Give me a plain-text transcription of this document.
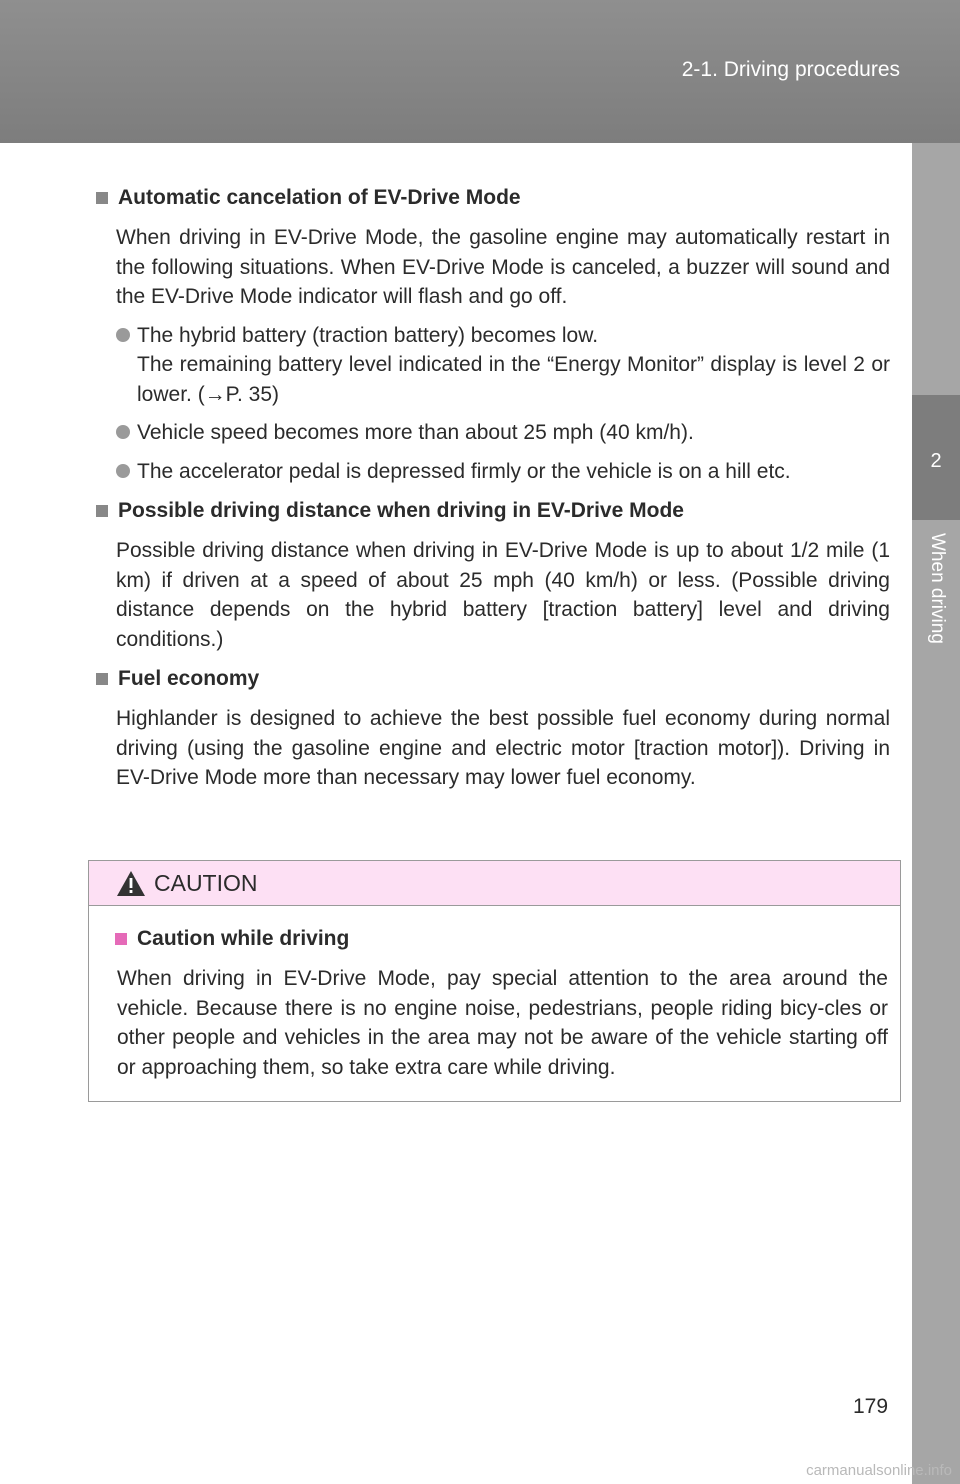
2-1. Driving procedures
2
When driving
Automatic cancelation of EV-Drive Mode
When driving in EV-Drive Mode, the gasoline engine may automatically restart in the following situations. When EV-Drive Mode is canceled, a buzzer will sound and the EV-Drive Mode indicator will flash and go off.
The hybrid battery (traction battery) becomes low.
The remaining battery level indicated in the “Energy Monitor” display is level 2 or lower. (→P. 35)
Vehicle speed becomes more than about 25 mph (40 km/h).
The accelerator pedal is depressed firmly or the vehicle is on a hill etc.
Possible driving distance when driving in EV-Drive Mode
Possible driving distance when driving in EV-Drive Mode is up to about 1/2 mile (1 km) if driven at a speed of about 25 mph (40 km/h) or less. (Possible driving distance depends on the hybrid battery [traction battery] level and driving conditions.)
Fuel economy
Highlander is designed to achieve the best possible fuel economy during normal driving (using the gasoline engine and electric motor [traction motor]). Driving in EV-Drive Mode more than necessary may lower fuel economy.
CAUTION
Caution while driving
When driving in EV-Drive Mode, pay special attention to the area around the vehicle. Because there is no engine noise, pedestrians, people riding bicy-cles or other people and vehicles in the area may not be aware of the vehicle starting off or approaching them, so take extra care while driving.
179
carmanualsonline.info
